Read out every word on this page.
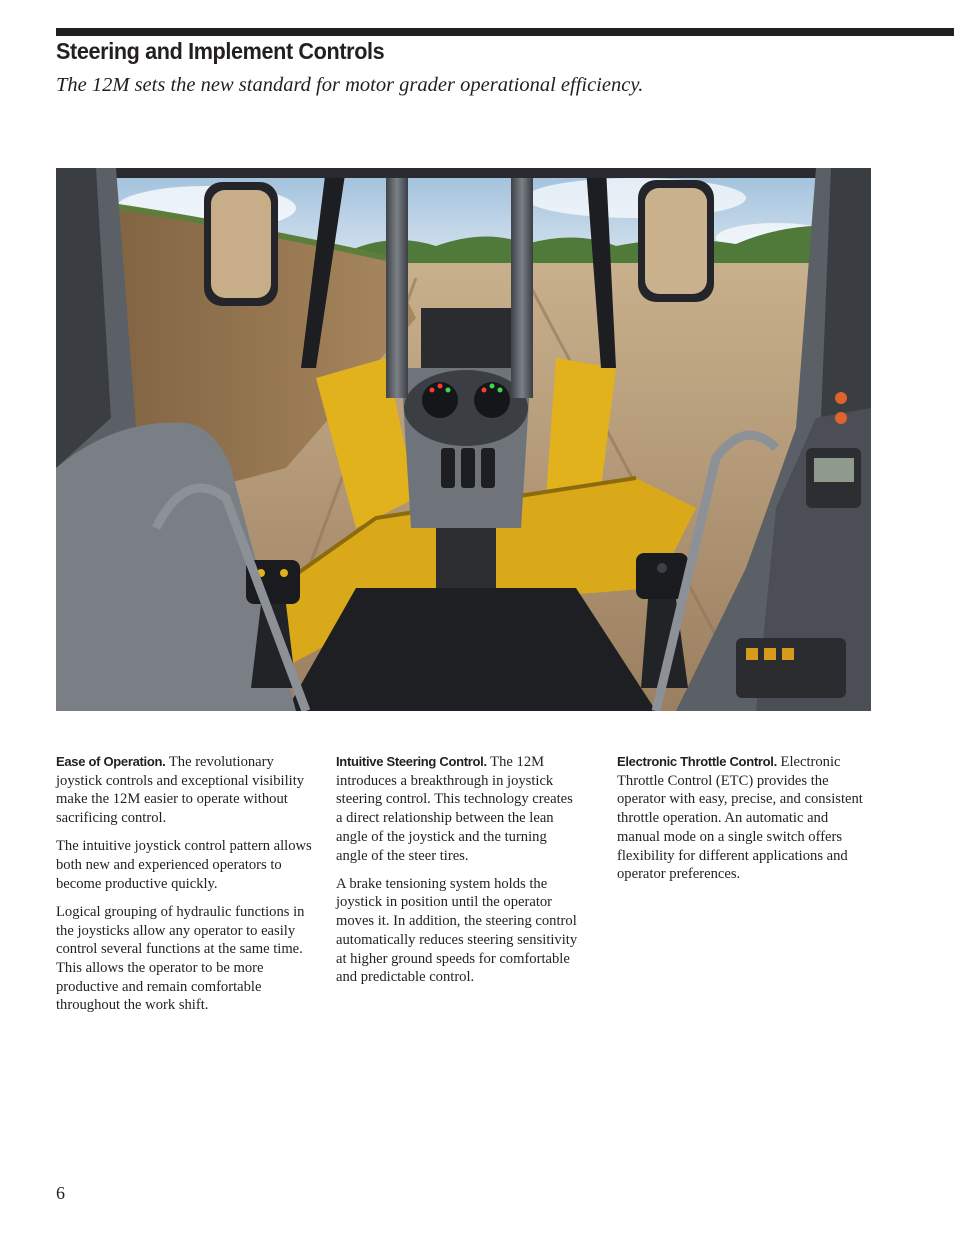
Steering and Implement Controls
The 12M sets the new standard for motor grader operational efficiency.

Ease of Operation. The revolutionary joystick controls and exceptional visibility make the 12M easier to operate without sacrificing control.

The intuitive joystick control pattern allows both new and experienced operators to become productive quickly.

Logical grouping of hydraulic functions in the joysticks allow any operator to easily control several functions at the same time. This allows the operator to be more productive and remain comfortable throughout the work shift.

Intuitive Steering Control. The 12M introduces a breakthrough in joystick steering control. This technology creates a direct relationship between the lean angle of the joystick and the turning angle of the steer tires.

A brake tensioning system holds the joystick in position until the operator moves it. In addition, the steering control automatically reduces steering sensitivity at higher ground speeds for comfortable and predictable control.

Electronic Throttle Control. Electronic Throttle Control (ETC) provides the operator with easy, precise, and consistent throttle operation. An automatic and manual mode on a single switch offers flexibility for different applications and operator preferences.

6
